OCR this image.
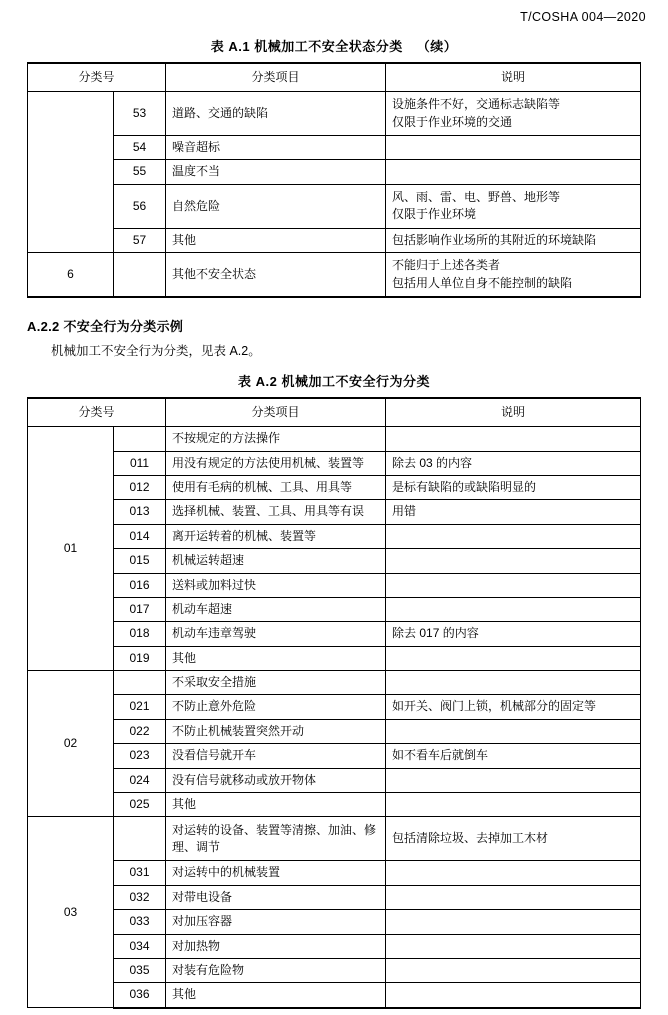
T/COSHA 004—2020
表 A.1 机械加工不安全状态分类 （续）
分类号		分类项目	说明
	53	道路、交通的缺陷	设施条件不好，交通标志缺陷等
仅限于作业环境的交通

	54	噪音超标	
	55	温度不当	
	56	自然危险	风、雨、雷、电、野兽、地形等
仅限于作业环境

	57	其他	包括影响作业场所的其附近的环境缺陷
6		其他不安全状态	不能归于上述各类者
包括用人单位自身不能控制的缺陷
A.2.2 不安全行为分类示例
机械加工不安全行为分类，见表 A.2。
表 A.2 机械加工不安全行为分类
分类号		分类项目	说明
01		不按规定的方法操作	
	011	用没有规定的方法使用机械、装置等	除去 03 的内容
	012	使用有毛病的机械、工具、用具等	是标有缺陷的或缺陷明显的
	013	选择机械、装置、工具、用具等有误	用错
	014	离开运转着的机械、装置等	
	015	机械运转超速	
	016	送料或加料过快	
	017	机动车超速	
	018	机动车违章驾驶	除去 017 的内容
	019	其他	
02		不采取安全措施	
	021	不防止意外危险	如开关、阀门上锁，机械部分的固定等
	022	不防止机械装置突然开动	
	023	没看信号就开车	如不看车后就倒车
	024	没有信号就移动或放开物体	
	025	其他	
03		对运转的设备、装置等清擦、加油、修理、调节	包括清除垃圾、去掉加工木材
	031	对运转中的机械装置	
	032	对带电设备	
	033	对加压容器	
	034	对加热物	
	035	对装有危险物	
	036	其他	
